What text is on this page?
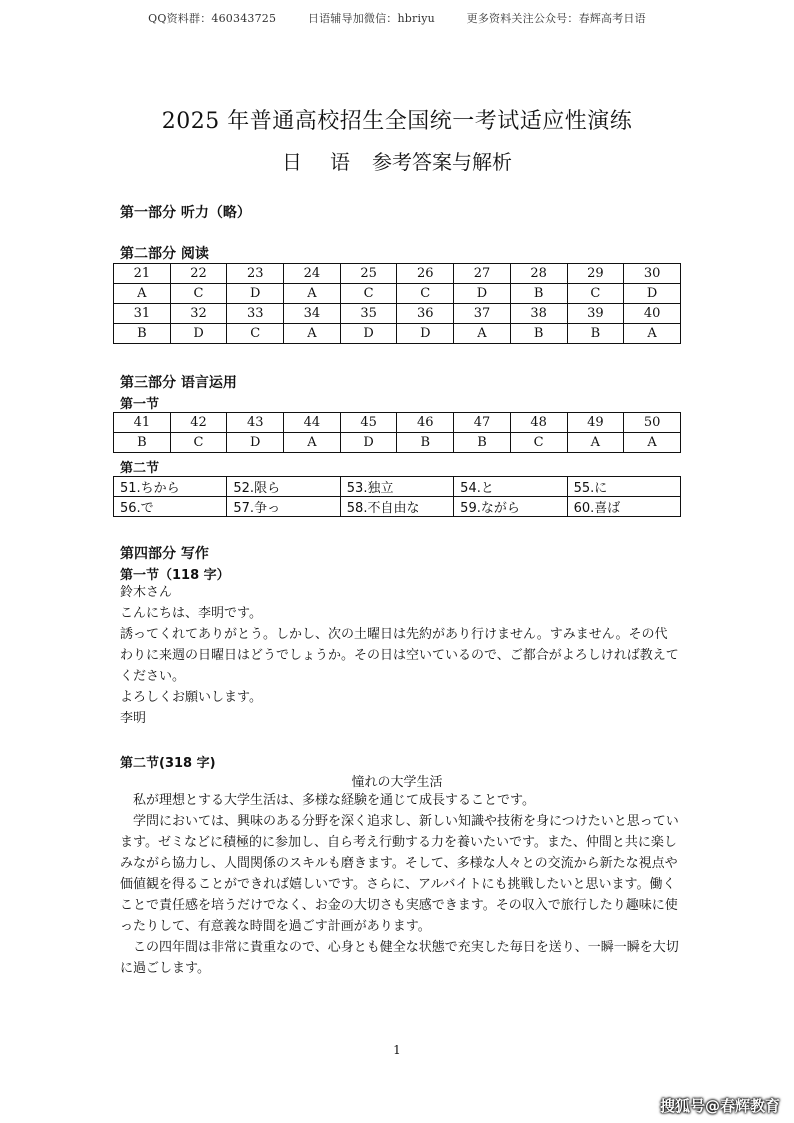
QQ资料群：460343725	日语辅导加微信：hbriyu	更多资料关注公众号：春辉高考日语
2025 年普通高校招生全国统一考试适应性演练
日 语 参考答案与解析
第一部分 听力（略）
第二部分 阅读
21	22	23	24	25	26	27	28	29	30
A	C	D	A	C	C	D	B	C	D
31	32	33	34	35	36	37	38	39	40
B	D	C	A	D	D	A	B	B	A
第三部分 语言运用
第一节
41	42	43	44	45	46	47	48	49	50
B	C	D	A	D	B	B	C	A	A
第二节
51.ちから	52.限ら	53.独立	54.と	55.に
56.で	57.争っ	58.不自由な	59.ながら	60.喜ば
第四部分 写作
第一节（118 字）

鈴木さん

こんにちは、李明です。

誘ってくれてありがとう。しかし、次の土曜日は先約があり行けません。すみません。その代わりに来週の日曜日はどうでしょうか。その日は空いているので、ご都合がよろしければ教えてください。

よろしくお願いします。

李明

第二节(318 字)
憧れの大学生活

私が理想とする大学生活は、多様な経験を通じて成長することです。

学問においては、興味のある分野を深く追求し、新しい知識や技術を身につけたいと思っています。ゼミなどに積極的に参加し、自ら考え行動する力を養いたいです。また、仲間と共に楽しみながら協力し、人間関係のスキルも磨きます。そして、多様な人々との交流から新たな視点や価値観を得ることができれば嬉しいです。さらに、アルバイトにも挑戦したいと思います。働くことで責任感を培うだけでなく、お金の大切さも実感できます。その収入で旅行したり趣味に使ったりして、有意義な時間を過ごす計画があります。

この四年間は非常に貴重なので、心身とも健全な状態で充実した毎日を送り、一瞬一瞬を大切に過ごします。

1
搜狐号@春辉教育
